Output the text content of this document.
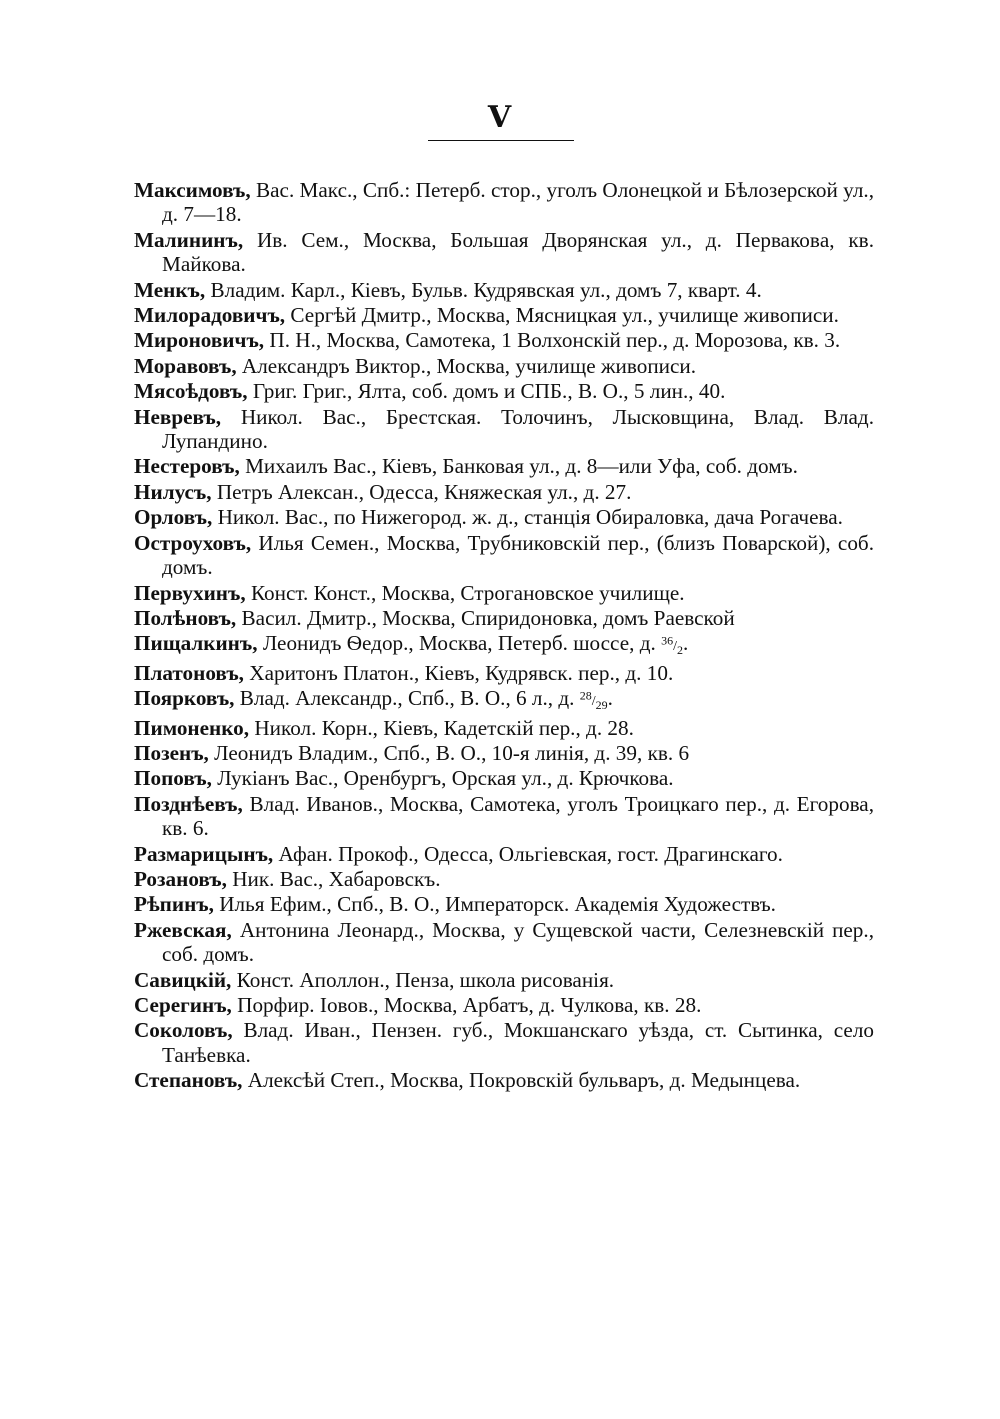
V
Максимовъ, Вас. Макс., Спб.: Петерб. стор., уголъ Олонецкой и Бѣлозерской ул., д. 7—18.
Малининъ, Ив. Сем., Москва, Большая Дворянская ул., д. Перваковa, кв. Майкова.
Менкъ, Владим. Карл., Кіевъ, Бульв. Кудрявская ул., домъ 7, кварт. 4.
Милорадовичъ, Сергѣй Дмитр., Москва, Мясницкая ул., училище живописи.
Мироновичъ, П. Н., Москва, Самотека, 1 Волхонскій пер., д. Морозова, кв. 3.
Моравовъ, Александръ Виктор., Москва, училище живописи.
Мясоѣдовъ, Григ. Григ., Ялта, соб. домъ и СПБ., В. О., 5 лин., 40.
Невревъ, Никол. Вас., Брестская. Толочинъ, Лысковщина, Влад. Влад. Лупандино.
Нестеровъ, Михаилъ Вас., Кіевъ, Банковая ул., д. 8—или Уфа, соб. домъ.
Нилусъ, Петръ Алексан., Одесса, Княжеская ул., д. 27.
Орловъ, Никол. Вас., по Нижегород. ж. д., станція Обираловка, дача Рогачева.
Остроуховъ, Илья Семен., Москва, Трубниковскій пер., (близъ Поварской), соб. домъ.
Первухинъ, Конст. Конст., Москва, Строгановское училище.
Полѣновъ, Васил. Дмитр., Москва, Спиридоновка, домъ Раевской
Пищалкинъ, Леонидъ Ѳедор., Москва, Петерб. шоссе, д. $^{36}/_2$.
Платоновъ, Харитонъ Платон., Кіевъ, Кудрявск. пер., д. 10.
Поярковъ, Влад. Александр., Спб., В. О., 6 л., д. $^{28}/_{29}$.
Пимоненко, Никол. Корн., Кіевъ, Кадетскій пер., д. 28.
Позенъ, Леонидъ Владим., Спб., В. О., 10-я линія, д. 39, кв. 6
Поповъ, Лукіанъ Вас., Оренбургъ, Орская ул., д. Крючкова.
Позднѣевъ, Влад. Иванов., Москва, Самотека, уголъ Троицкаго пер., д. Егорова, кв. 6.
Размарицынъ, Афан. Прокоф., Одесса, Ольгіевская, гост. Драгинскаго.
Розановъ, Ник. Вас., Хабаровскъ.
Рѣпинъ, Илья Ефим., Спб., В. О., Императорск. Академія Художествъ.
Ржевская, Антонина Леонард., Москва, у Сущевской части, Селезневскій пер., соб. домъ.
Савицкій, Конст. Аполлон., Пенза, школа рисованія.
Серегинъ, Порфир. Іовов., Москва, Арбатъ, д. Чулкова, кв. 28.
Соколовъ, Влад. Иван., Пензен. губ., Мокшанскаго уѣзда, ст. Сытинка, село Танѣевка.
Степановъ, Алексѣй Степ., Москва, Покровскій бульваръ, д. Медынцева.
